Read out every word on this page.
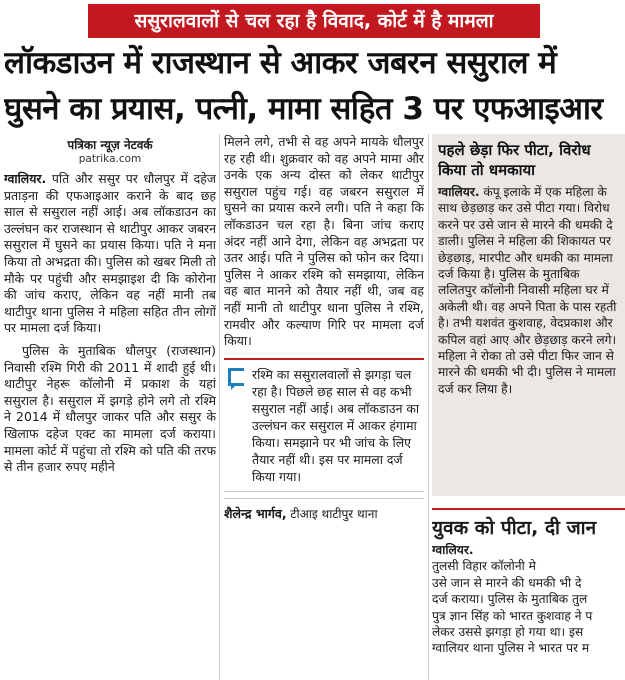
ससुरालवालों से चल रहा है विवाद, कोर्ट में है मामला
लॉकडाउन में राजस्थान से आकर जबरन ससुराल में
घुसने का प्रयास, पत्नी, मामा सहित 3 पर एफआइआर
पत्रिका न्यूज़ नेटवर्क
patrika.com

ग्वालियर. पति और ससुर पर धौलपुर में दहेज प्रताड़ना की एफआइआर कराने के बाद छह साल से ससुराल नहीं आई। अब लॉकडाउन का उल्लंघन कर राजस्थान से थाटीपुर आकर जबरन ससुराल में घुसने का प्रयास किया। पति ने मना किया तो अभद्रता की। पुलिस को खबर मिली तो मौके पर पहुंची और समझाइश दी कि कोरोना की जांच कराए, लेकिन वह नहीं मानी तब थाटीपुर थाना पुलिस ने महिला सहित तीन लोगों पर मामला दर्ज किया।

पुलिस के मुताबिक धौलपुर (राजस्थान) निवासी रश्मि गिरी की 2011 में शादी हुई थी। थाटीपुर नेहरू कॉलोनी में प्रकाश के यहां ससुराल है। ससुराल में झगड़े होने लगे तो रश्मि ने 2014 में धौलपुर जाकर पति और ससुर के खिलाफ दहेज एक्ट का मामला दर्ज कराया। मामला कोर्ट में पहुंचा तो रश्मि को पति की तरफ से तीन हजार रुपए महीने

मिलने लगे, तभी से वह अपने मायके धौलपुर रह रही थी। शुक्रवार को वह अपने मामा और उनके एक अन्य दोस्त को लेकर थाटीपुर ससुराल पहुंच गई। वह जबरन ससुराल में घुसने का प्रयास करने लगी। पति ने कहा कि लॉकडाउन चल रहा है। बिना जांच कराए अंदर नहीं आने देगा, लेकिन वह अभद्रता पर उतर आई। पति ने पुलिस को फोन कर दिया। पुलिस ने आकर रश्मि को समझाया, लेकिन वह बात मानने को तैयार नहीं थी, जब वह नहीं मानी तो थाटीपुर थाना पुलिस ने रश्मि, रामवीर और कल्याण गिरि पर मामला दर्ज किया।

रश्मि का ससुरालवालों से झगड़ा चल रहा है। पिछले छह साल से वह कभी ससुराल नहीं आई। अब लॉकडाउन का उल्लंघन कर ससुराल में आकर हंगामा किया। समझाने पर भी जांच के लिए तैयार नहीं थी। इस पर मामला दर्ज किया गया।
शैलेन्द्र भार्गव, टीआइ थाटीपुर थाना
पहले छेड़ा फिर पीटा, विरोध
किया तो धमकाया
ग्वालियर. कंपू इलाके में एक महिला के साथ छेड़छाड़ कर उसे पीटा गया। विरोध करने पर उसे जान से मारने की धमकी दे डाली। पुलिस ने महिला की शिकायत पर छेड़छाड़, मारपीट और धमकी का मामला दर्ज किया है। पुलिस के मुताबिक ललितपुर कॉलोनी निवासी महिला घर में अकेली थी। वह अपने पिता के पास रहती है। तभी यशवंत कुशवाह, वेदप्रकाश और कपिल वहां आए और छेड़छाड़ करने लगे। महिला ने रोका तो उसे पीटा फिर जान से मारने की धमकी भी दी। पुलिस ने मामला दर्ज कर लिया है।
युवक को पीटा, दी जान
ग्वालियर.
तुलसी विहार कॉलोनी मे
उसे जान से मारने की धमकी भी दे
दर्ज कराया। पुलिस के मुताबिक तुल
पुत्र ज्ञान सिंह को भारत कुशवाह ने प
लेकर उससे झगड़ा हो गया था। इस
ग्वालियर थाना पुलिस ने भारत पर म
